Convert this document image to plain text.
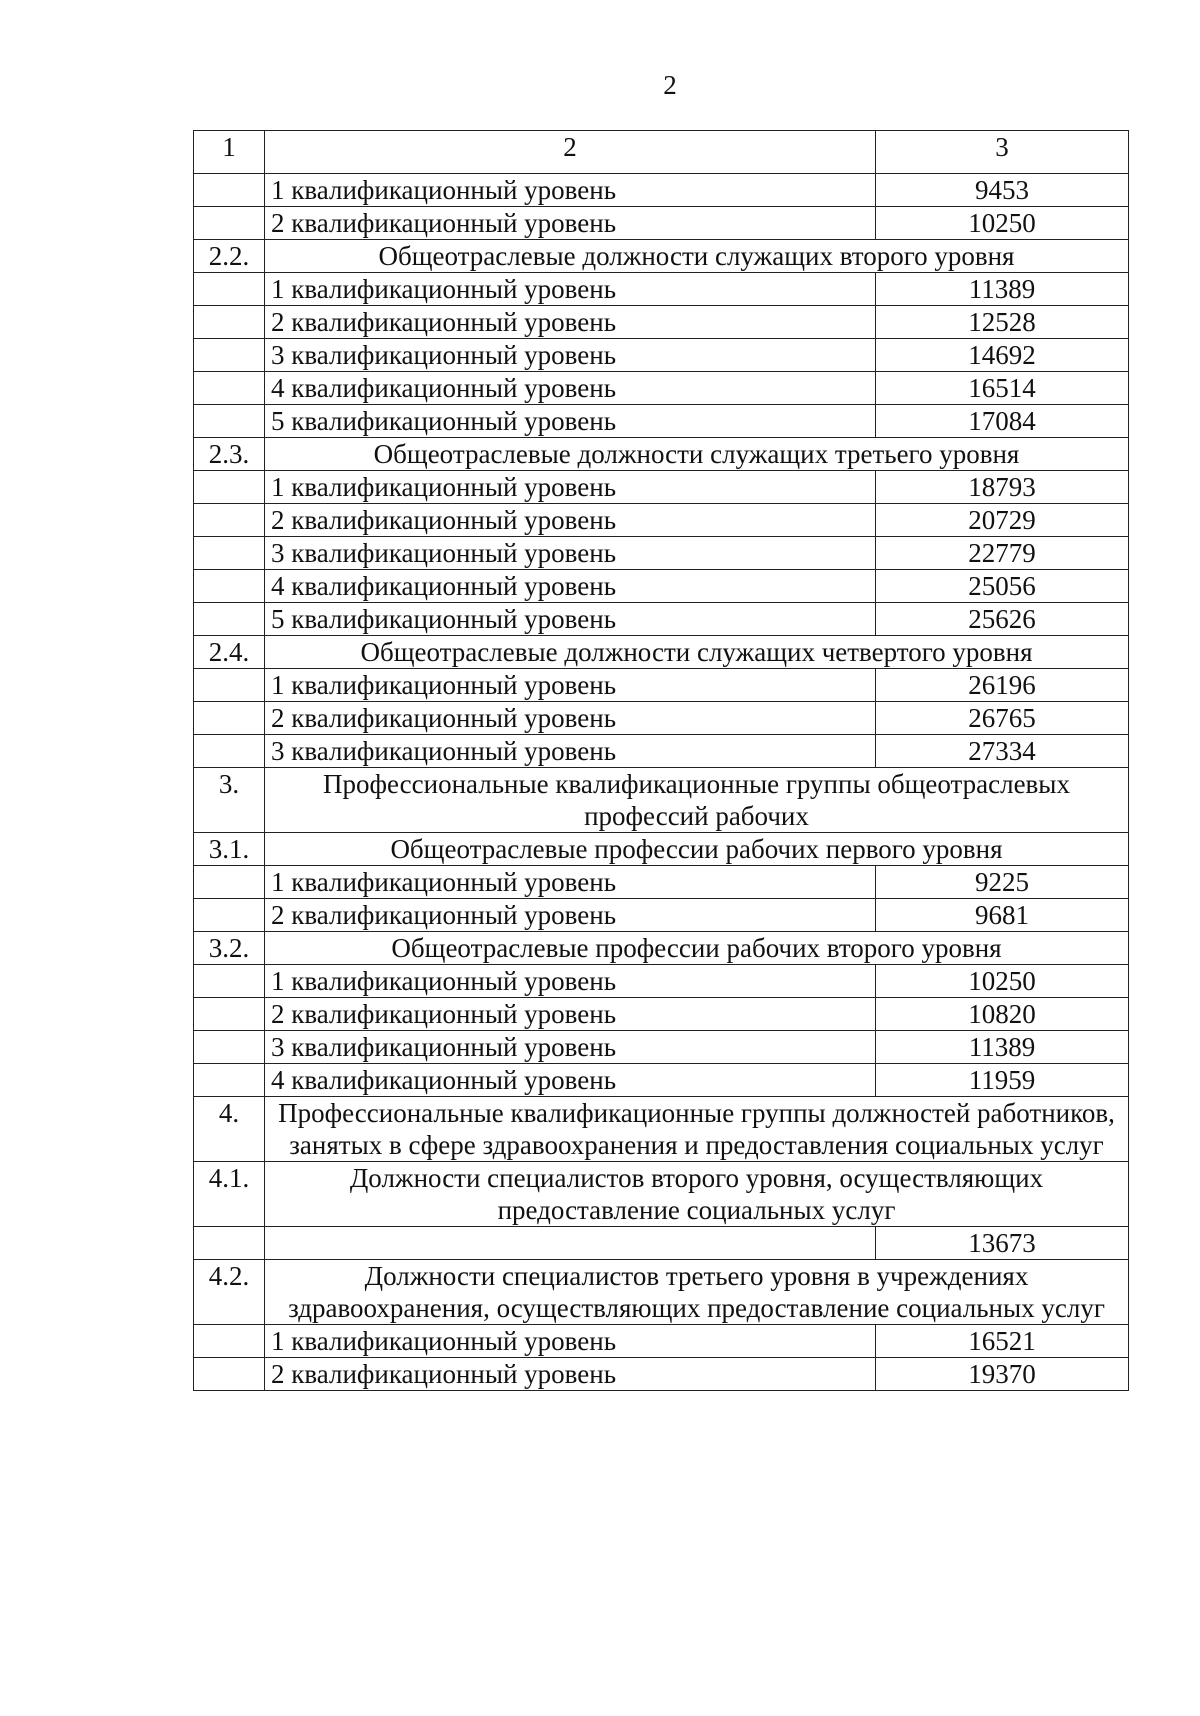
2
1	2	3
	1 квалификационный уровень	9453
	2 квалификационный уровень	10250
2.2.	Общеотраслевые должности служащих второго уровня	
	1 квалификационный уровень	11389
	2 квалификационный уровень	12528
	3 квалификационный уровень	14692
	4 квалификационный уровень	16514
	5 квалификационный уровень	17084
2.3.	Общеотраслевые должности служащих третьего уровня	
	1 квалификационный уровень	18793
	2 квалификационный уровень	20729
	3 квалификационный уровень	22779
	4 квалификационный уровень	25056
	5 квалификационный уровень	25626
2.4.	Общеотраслевые должности служащих четвертого уровня	
	1 квалификационный уровень	26196
	2 квалификационный уровень	26765
	3 квалификационный уровень	27334
3.	Профессиональные квалификационные группы общеотраслевых профессий рабочих	
3.1.	Общеотраслевые профессии рабочих первого уровня	
	1 квалификационный уровень	9225
	2 квалификационный уровень	9681
3.2.	Общеотраслевые профессии рабочих второго уровня	
	1 квалификационный уровень	10250
	2 квалификационный уровень	10820
	3 квалификационный уровень	11389
	4 квалификационный уровень	11959
4.	Профессиональные квалификационные группы должностей работников, занятых в сфере здравоохранения и предоставления социальных услуг	
4.1.	Должности специалистов второго уровня, осуществляющих предоставление социальных услуг	
		13673
4.2.	Должности специалистов третьего уровня в учреждениях здравоохранения, осуществляющих предоставление социальных услуг	
	1 квалификационный уровень	16521
	2 квалификационный уровень	19370
